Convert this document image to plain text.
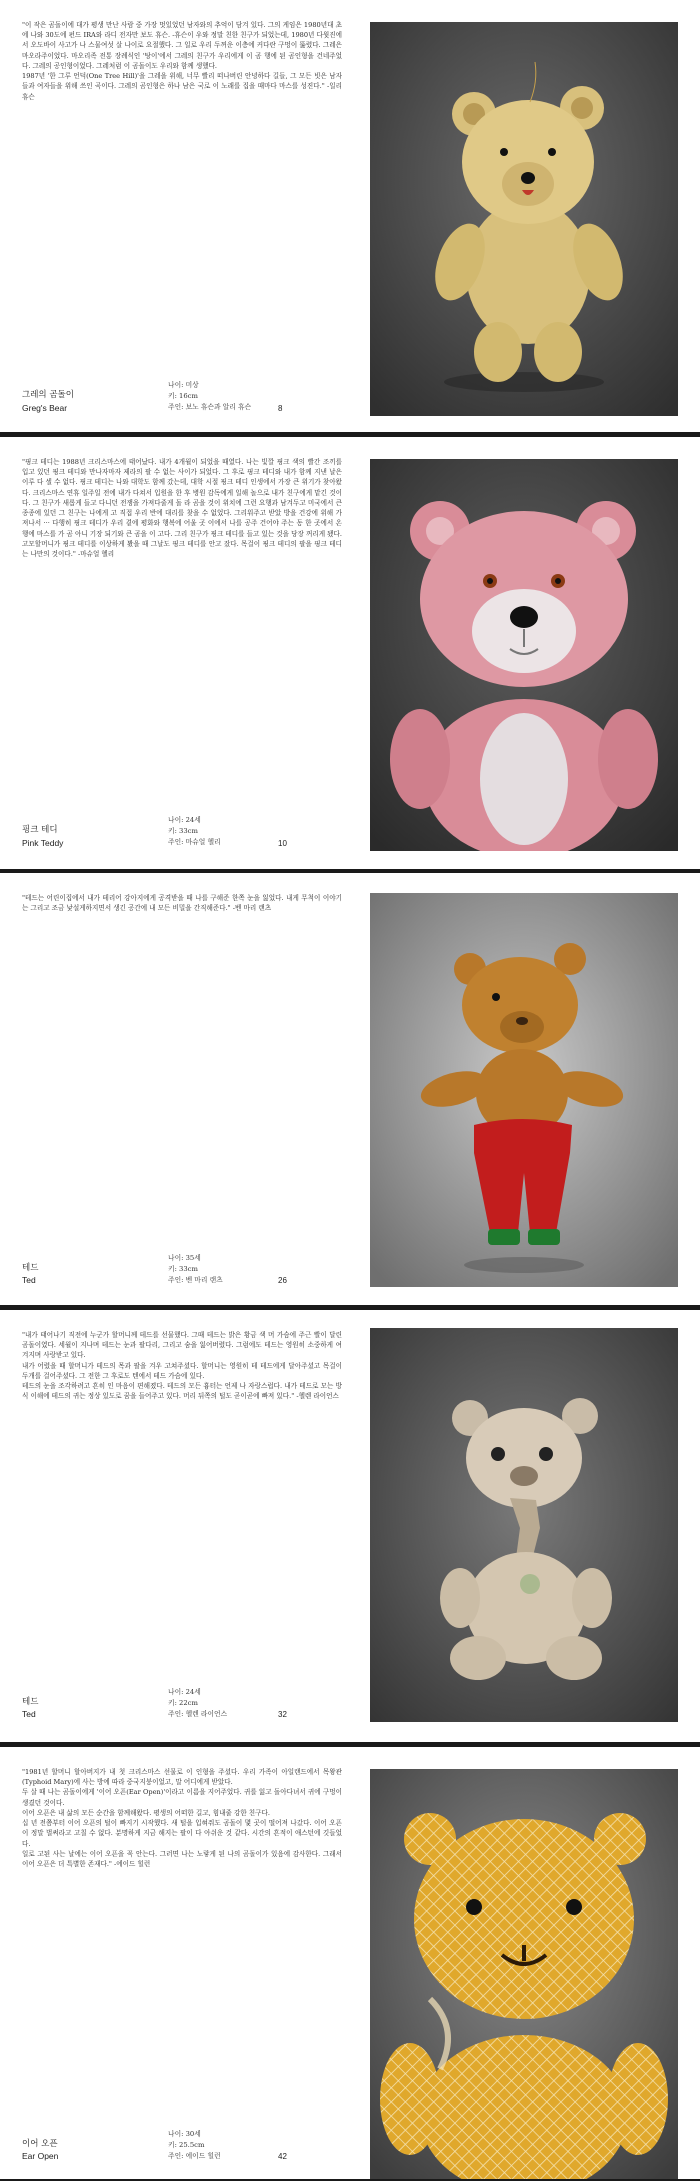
"이 작은 곰돌이에 대가 평생 만난 사람 중 가장 멋있었던 남자와의 추억이 담겨 있다. 그의 게임은 1980년대 초에 나와 30도에 펀드 IRA와 라디 전자만 보도 휴슨. -휴슨이 우와 정말 친한 친구가 되었는데, 1980년 다윗진에서 오도바이 사고가 나 스물여섯 살 나이로 요절했다. 그 일로 우리 두꺼운 이층에 커다란 구멍이 뚫렸다. 그레은 마오라주이었다. 마오리족 전통 장례식인 '탕이'에서 그레의 친구가 우리에게 이 곰 행에 된 곰인형을 건네주었다. 그레의 공인형이었다. 그레처럼 이 곰돌이도 우리와 함께 생했다.
1987년 '한 그루 언덕(One Tree Hill)'을 그레을 위해, 너무 빨리 떠나버린 안녕하다 길들, 그 모든 빗은 남자들과 여자들을 위해 쓰인 곡이다. 그레의 곰인형은 하나 남은 국로 이 노래를 집을 때마다 마스를 성진다." -일리 휴슨
그레의 곰돌이
Greg's Bear
나이: 미상
키: 16cm
주인: 보노 휴슨과 알리 휴슨	8
"핑크 테디는 1988년 크리스마스에 태어났다. 내가 4개월이 되었을 때였다. 나는 빛깔 핑크 색의 빨간 조끼를 입고 있던 핑크 테디와 만나자마자 제라의 팔 수 없는 사이가 되었다. 그 후로 핑크 테디와 내가 함께 지낸 날은 이루 다 셀 수 없다. 핑크 테디는 나와 대학도 함께 갔는데, 대학 시절 핑크 테디 인생에서 가장 큰 위기가 찾아왔다. 크리스마스 연휴 일주일 전에 내가 다쳐서 입원을 한 후 병원 감독에게 일해 놀으로 내가 친구에게 맡긴 것이다. 그 친구가 새롭게 들고 다니던 전쟁을 가져다줄게 돌 라 곰을 것이 위치에 그런 요행과 남겨두고 미국에서 큰 종종에 있던 그 친구는 나에게 고 직접 우리 반에 대리를 찾을 수 없었다. 그리워주고 받았 방을 건강에 위해 가져나서 ··· 다행히 핑크 테디가 우리 곁에 평화와 행복에 어울 곳 이에서 나를 공주 건어야 주는 동 한 곳에서 온 행에 마스를 가 곰 아니 기장 되기와 큰 곰을 이 고다. 그리 친구가 핑크 테디를 들고 있는 것을 당장 꺼리게 됐다. 고모할머니가 핑크 테디를 이상하게 봤을 때 그날도 핑크 테디를 안고 잤다. 목걸이 핑크 테디의 팔을 핑크 테디는 나만의 것이다." -마슈얼 헬리
핑크 테디
Pink Teddy
나이: 24세
키: 33cm
주인: 마슈얼 헬리	10
"테드는 어린이집에서 내가 테리어 강아지에게 공격받을 때 나를 구해준 한쪽 눈을 잃었다. 내게 무척이 이야기는 그리고 조금 낯설게하지면서 생긴 공간에 내 모든 비밀을 간직해준다." -벤 마리 랜츠
테드
Ted
나이: 35세
키: 33cm
주인: 벤 마리 랜츠	26
"내가 태어나기 직전에 누군가 할머니께 테드를 선물했다. 그때 테드는 밝은 황금 색 머 가슴에 주근 빨이 달린 곰돌이였다. 세월이 지나며 테드는 눈과 팔다리, 그리고 숨을 잃어버렸다. 그럼에도 테드는 영원히 소중하게 여겨지며 사랑받고 있다.
내가 어렸을 때 할머니가 테드의 목과 팔을 겨우 고쳐주셨다. 할머니는 영원히 테 테드에게 달아주셨고 목걸이 두개를 걸어주셨다. 그 전한 그 후로도 텐에서 테드 가슴에 있다.
테드의 눈을 조각하려고 흔히 인 마음이 편해졌다. 테드의 모든 흉터는 언제 나 자랑스럽다. 내가 테드로 모는 방식 이해에 테드의 귀는 정상 있도로 꿈을 들어주고 있다. 머리 뒤쪽의 털도 곧이곧에 빠져 있다." -헬렌 라이언스
테드
Ted
나이: 24세
키: 22cm
주인: 헬렌 라이언스	32
"1981년 할머니 할아버지가 내 첫 크리스마스 선물로 이 인형을 주셨다. 우리 가족이 아일랜드에서 목왕관(Typhoid Mary)에 사는 방에 따라 중국지붕이었고, 말 어디에게 받았다.
두 살 때 나는 곰돌이에게 '이어 오픈(Ear Open)'이라고 이름을 지어주었다. 귀를 잃고 돌아다녀서 귀에 구멍이 생겼던 것이다.
이어 오픈은 내 삶의 모든 순간을 함께해왔다. 평생의 어떠한 길고, 힘내줄 강한 친구다.
십 년 전쯤부터 이어 오픈의 털이 빠지기 시작했다. 새 털을 입혀줘도 곰돌이 몇 곳이 떨어져 나갔다. 이어 오픈이 정말 벌써라고 고칠 수 없다. 분명하게 지금 해지는 팔이 다 아쉬운 것 같다. 시간의 흔적이 애스턴에 깃들었다.
일로 고된 사는 날에는 이어 오픈을 꼭 안는다. 그러면 나는 노랗게 된 나의 곰돌이가 있음에 감사한다. 그래서 이어 오픈은 더 특별한 존재다." -에이드 힐런
이어 오픈
Ear Open
나이: 30세
키: 25.5cm
주인: 에이드 힐런	42
